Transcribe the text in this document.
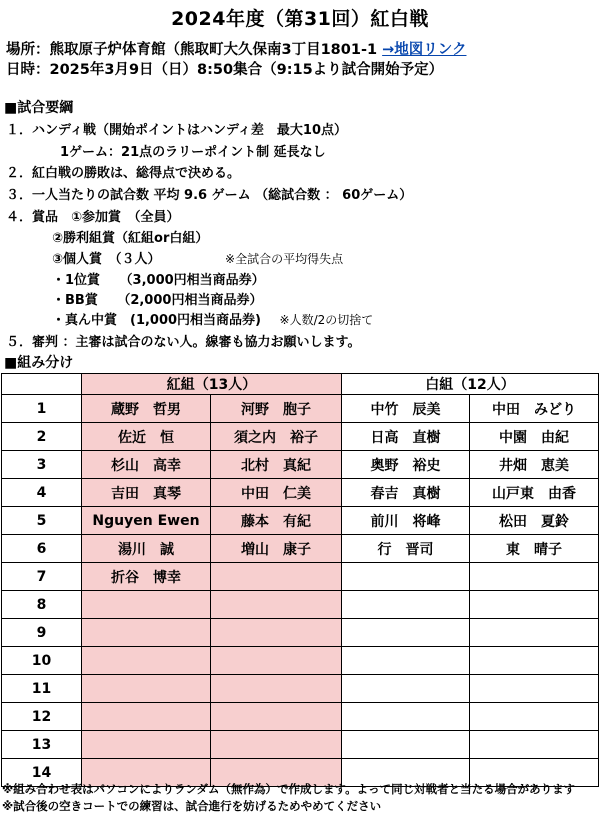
2024年度（第31回）紅白戦
場所：熊取原子炉体育館（熊取町大久保南3丁目1801-1 →地図リンク
日時：2025年3月9日（日）8:50集合（9:15より試合開始予定）
■試合要綱
１．ハンディ戦（開始ポイントはハンディ差　最大10点）
1ゲーム：21点のラリーポイント制 延長なし
２．紅白戦の勝敗は、総得点で決める。
３．一人当たりの試合数 平均 9.6 ゲーム （総試合数 ： 60ゲーム）
４．賞品　①参加賞　（全員）
②勝利組賞（紅組or白組）
③個人賞　（３人）	※全試合の平均得失点
・1位賞　　（3,000円相当商品券）
・BB賞　　（2,000円相当商品券）
・真ん中賞　(1,000円相当商品券) ※人数/2の切捨て
５．審判 ：主審は試合のない人。線審も協力お願いします。
■組み分け
	紅組（13人）		白組（12人）	
1	蔵野　哲男	河野　胞子	中竹　辰美	中田　みどり
2	佐近　恒	須之内　裕子	日高　直樹	中園　由紀
3	杉山　高幸	北村　真紀	奥野　裕史	井畑　恵美
4	吉田　真琴	中田　仁美	春吉　真樹	山戸東　由香
5	Nguyen Ewen	藤本　有紀	前川　将峰	松田　夏鈴
6	湯川　誠	増山　康子	行　晋司	東　晴子
7	折谷　博幸			
8				
9				
10				
11				
12				
13				
14				
※組み合わせ表はパソコンによりランダム（無作為）で作成します。よって同じ対戦者と当たる場合があります
※試合後の空きコートでの練習は、試合進行を妨げるためやめてください
